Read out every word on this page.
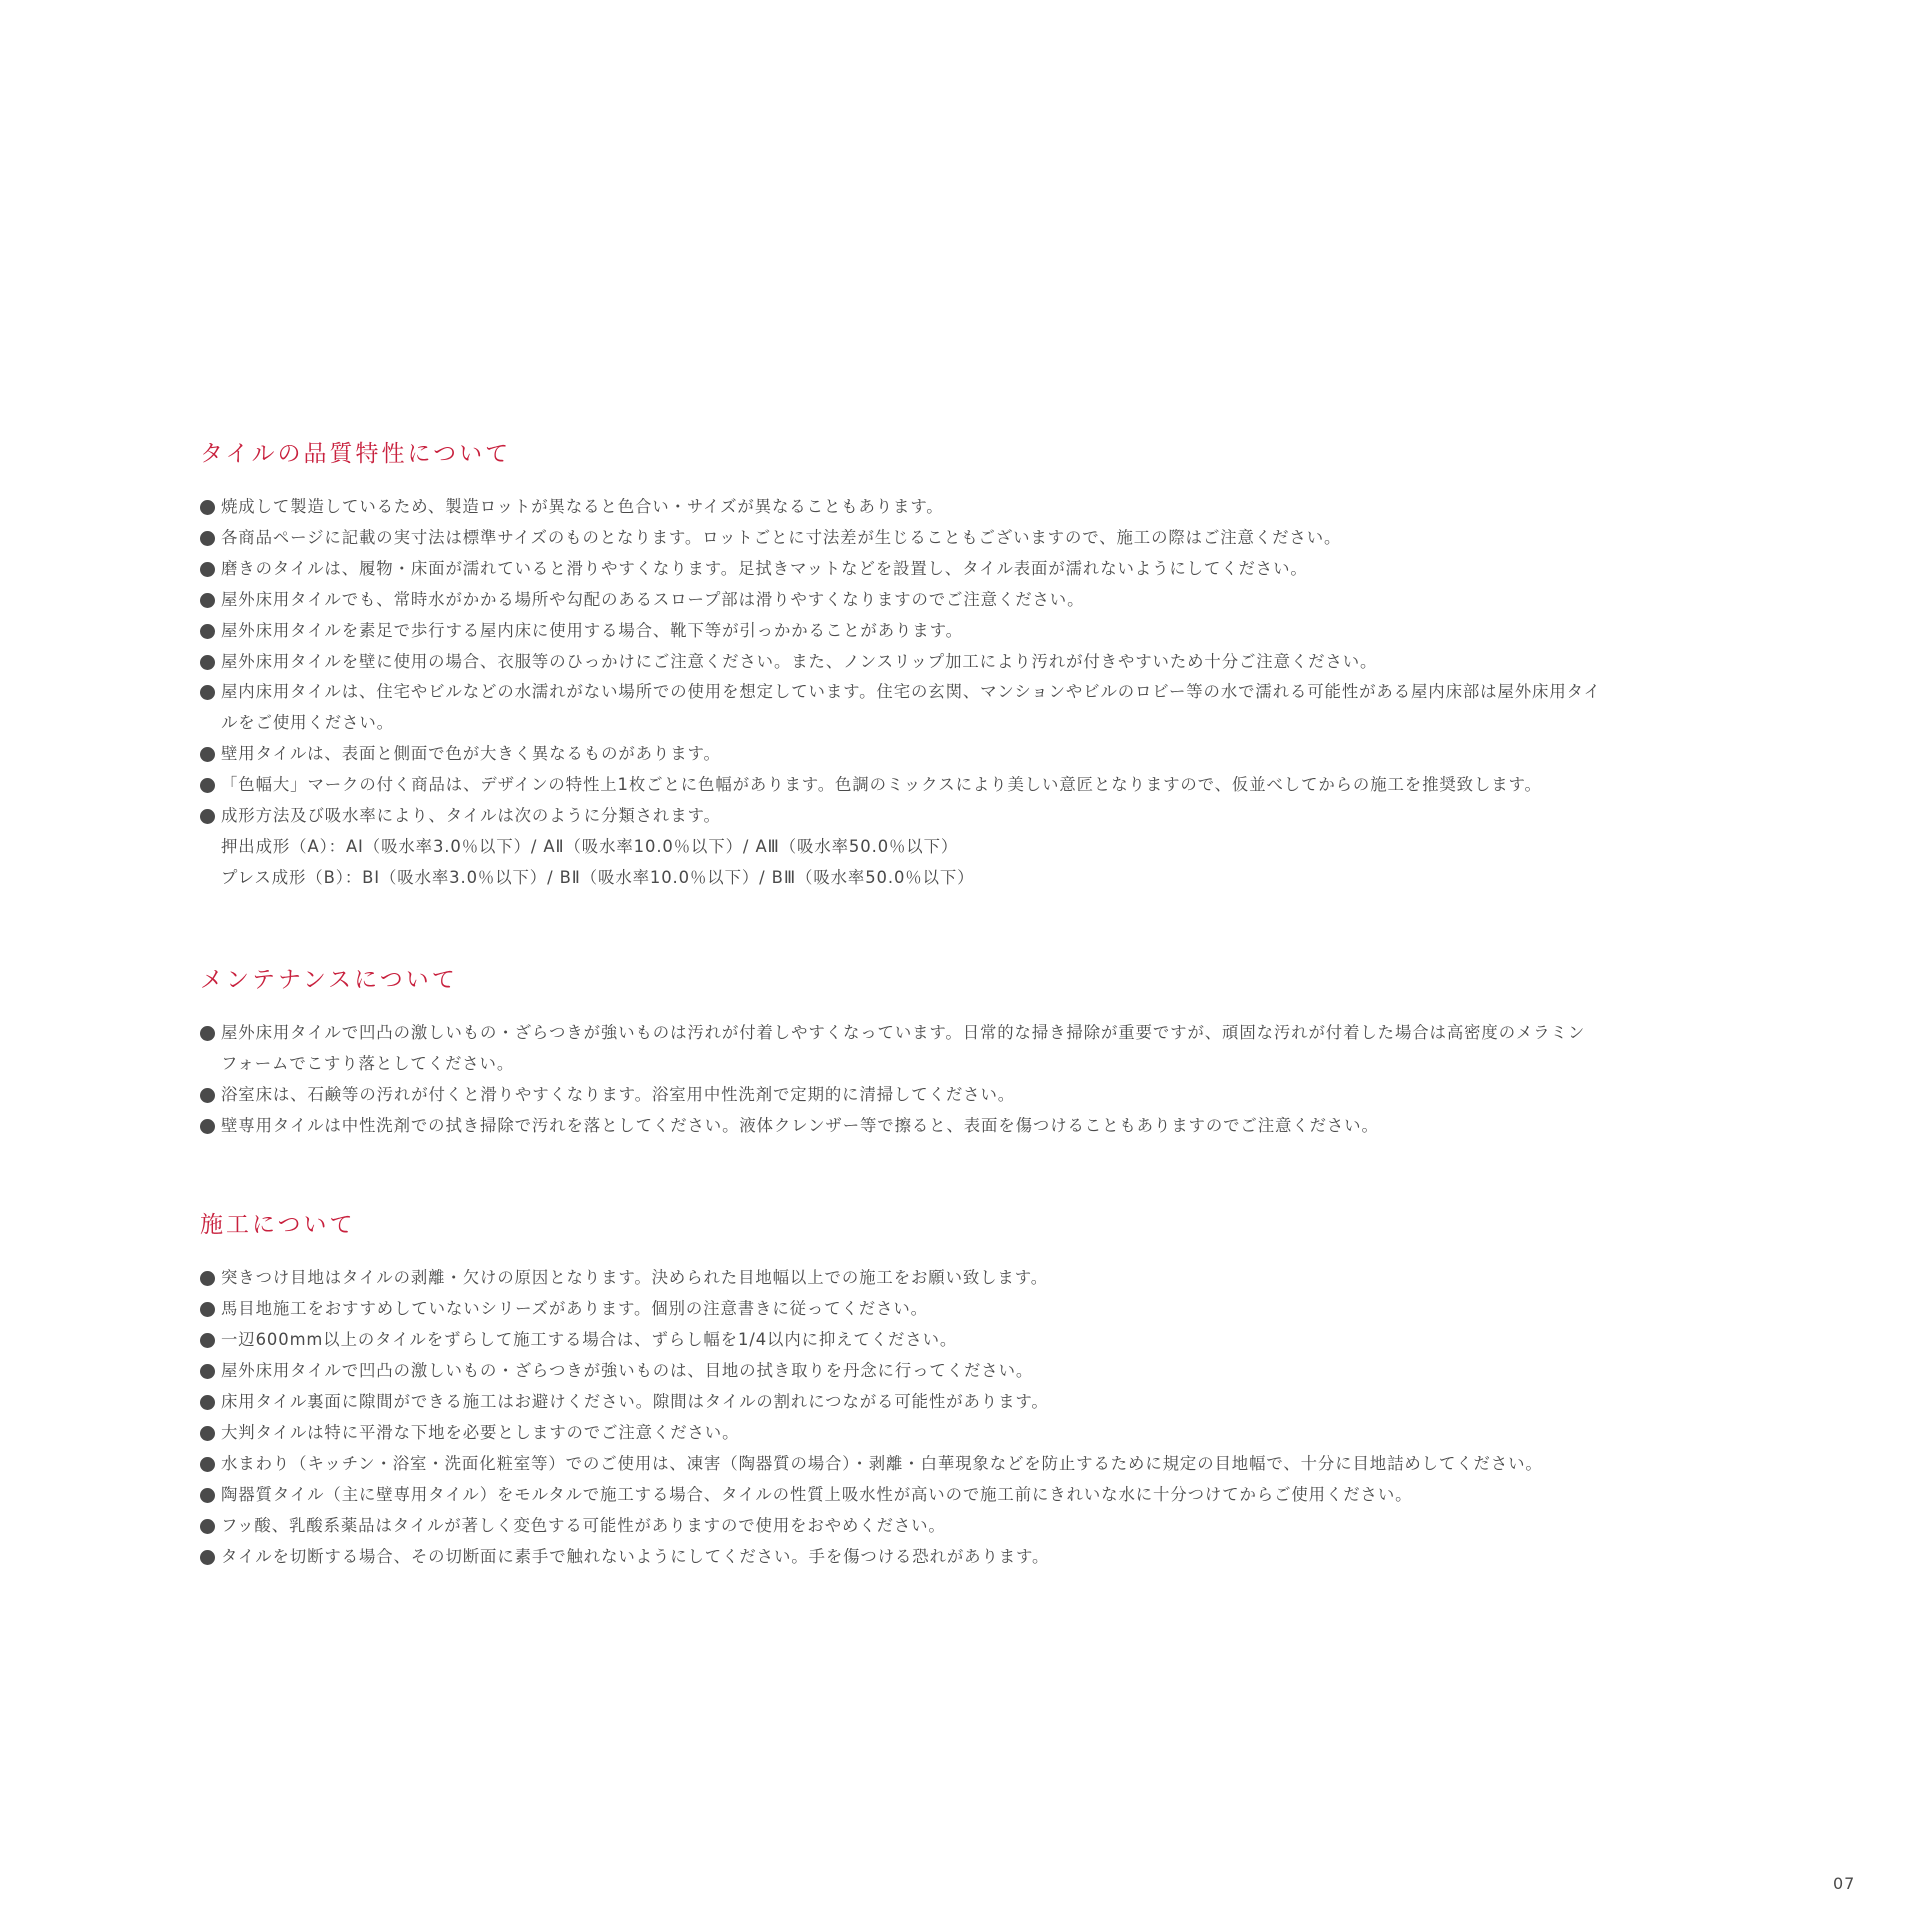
タイルの品質特性について
焼成して製造しているため、製造ロットが異なると色合い・サイズが異なることもあります。
各商品ページに記載の実寸法は標準サイズのものとなります。ロットごとに寸法差が生じることもございますので、施工の際はご注意ください。
磨きのタイルは、履物・床面が濡れていると滑りやすくなります。足拭きマットなどを設置し、タイル表面が濡れないようにしてください。
屋外床用タイルでも、常時水がかかる場所や勾配のあるスロープ部は滑りやすくなりますのでご注意ください。
屋外床用タイルを素足で歩行する屋内床に使用する場合、靴下等が引っかかることがあります。
屋外床用タイルを壁に使用の場合、衣服等のひっかけにご注意ください。また、ノンスリップ加工により汚れが付きやすいため十分ご注意ください。
屋内床用タイルは、住宅やビルなどの水濡れがない場所での使用を想定しています。住宅の玄関、マンションやビルのロビー等の水で濡れる可能性がある屋内床部は屋外床用タイ
ルをご使用ください。
壁用タイルは、表面と側面で色が大きく異なるものがあります。
「色幅大」マークの付く商品は、デザインの特性上1枚ごとに色幅があります。色調のミックスにより美しい意匠となりますので、仮並べしてからの施工を推奨致します。
成形方法及び吸水率により、タイルは次のように分類されます。
押出成形（A）：AⅠ（吸水率3.0％以下）/ AⅡ（吸水率10.0％以下）/ AⅢ（吸水率50.0％以下）
プレス成形（B）：BⅠ（吸水率3.0％以下）/ BⅡ（吸水率10.0％以下）/ BⅢ（吸水率50.0％以下）
メンテナンスについて
屋外床用タイルで凹凸の激しいもの・ざらつきが強いものは汚れが付着しやすくなっています。日常的な掃き掃除が重要ですが、頑固な汚れが付着した場合は高密度のメラミン
フォームでこすり落としてください。
浴室床は、石鹸等の汚れが付くと滑りやすくなります。浴室用中性洗剤で定期的に清掃してください。
壁専用タイルは中性洗剤での拭き掃除で汚れを落としてください。液体クレンザー等で擦ると、表面を傷つけることもありますのでご注意ください。
施工について
突きつけ目地はタイルの剥離・欠けの原因となります。決められた目地幅以上での施工をお願い致します。
馬目地施工をおすすめしていないシリーズがあります。個別の注意書きに従ってください。
一辺600mm以上のタイルをずらして施工する場合は、ずらし幅を1/4以内に抑えてください。
屋外床用タイルで凹凸の激しいもの・ざらつきが強いものは、目地の拭き取りを丹念に行ってください。
床用タイル裏面に隙間ができる施工はお避けください。隙間はタイルの割れにつながる可能性があります。
大判タイルは特に平滑な下地を必要としますのでご注意ください。
水まわり（キッチン・浴室・洗面化粧室等）でのご使用は、凍害（陶器質の場合）・剥離・白華現象などを防止するために規定の目地幅で、十分に目地詰めしてください。
陶器質タイル（主に壁専用タイル）をモルタルで施工する場合、タイルの性質上吸水性が高いので施工前にきれいな水に十分つけてからご使用ください。
フッ酸、乳酸系薬品はタイルが著しく変色する可能性がありますので使用をおやめください。
タイルを切断する場合、その切断面に素手で触れないようにしてください。手を傷つける恐れがあります。
07
